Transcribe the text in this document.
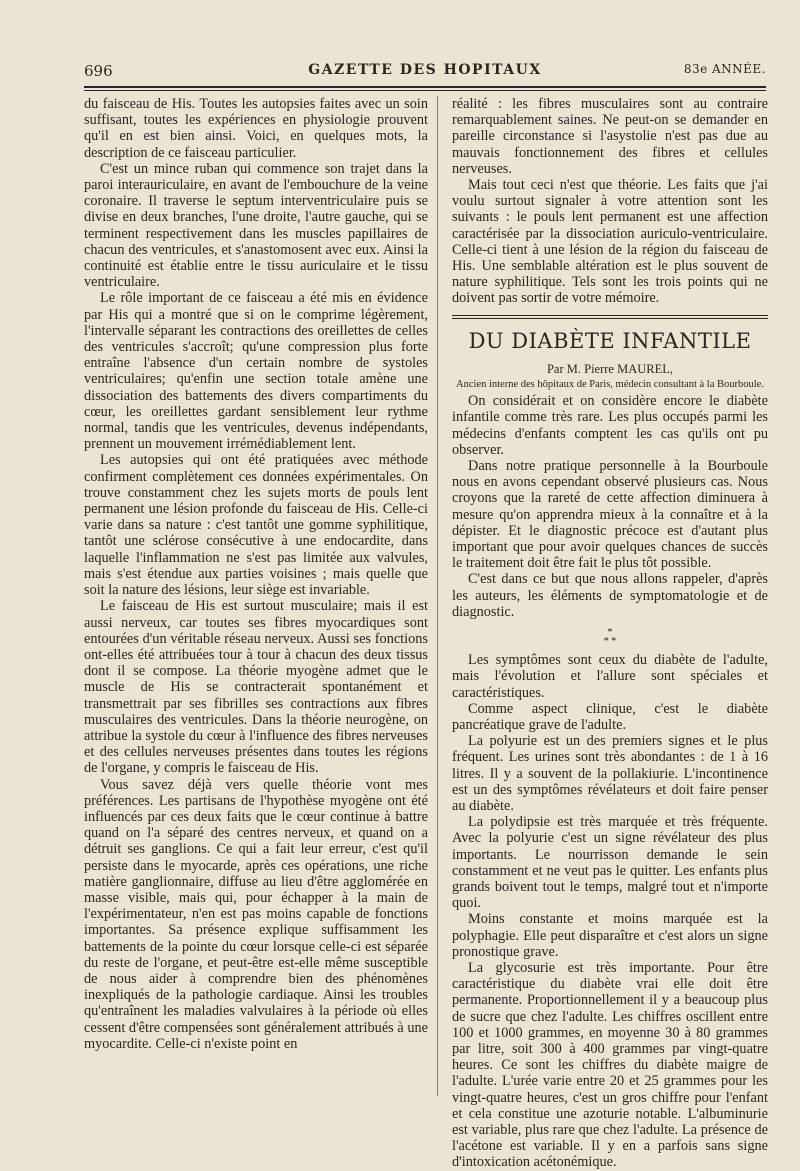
696	GAZETTE DES HOPITAUX	83e ANNÉE.

du faisceau de His. Toutes les autopsies faites avec un soin suffisant, toutes les expériences en physiologie prouvent qu'il en est bien ainsi. Voici, en quelques mots, la description de ce faisceau particulier.

C'est un mince ruban qui commence son trajet dans la paroi interauriculaire, en avant de l'embouchure de la veine coronaire. Il traverse le septum interventriculaire puis se divise en deux branches, l'une droite, l'autre gauche, qui se terminent respectivement dans les muscles papillaires de chacun des ventricules, et s'anastomosent avec eux. Ainsi la continuité est établie entre le tissu auriculaire et le tissu ventriculaire.

Le rôle important de ce faisceau a été mis en évidence par His qui a montré que si on le comprime légèrement, l'intervalle séparant les contractions des oreillettes de celles des ventricules s'accroît; qu'une compression plus forte entraîne l'absence d'un certain nombre de systoles ventriculaires; qu'enfin une section totale amène une dissociation des battements des divers compartiments du cœur, les oreillettes gardant sensiblement leur rythme normal, tandis que les ventricules, devenus indépendants, prennent un mouvement irrémédiablement lent.

Les autopsies qui ont été pratiquées avec méthode confirment complètement ces données expérimentales. On trouve constamment chez les sujets morts de pouls lent permanent une lésion profonde du faisceau de His. Celle-ci varie dans sa nature : c'est tantôt une gomme syphilitique, tantôt une sclérose consécutive à une endocardite, dans laquelle l'inflammation ne s'est pas limitée aux valvules, mais s'est étendue aux parties voisines ; mais quelle que soit la nature des lésions, leur siège est invariable.

Le faisceau de His est surtout musculaire; mais il est aussi nerveux, car toutes ses fibres myocardiques sont entourées d'un véritable réseau nerveux. Aussi ses fonctions ont-elles été attribuées tour à tour à chacun des deux tissus dont il se compose. La théorie myogène admet que le muscle de His se contracterait spontanément et transmettrait par ses fibrilles ses contractions aux fibres musculaires des ventricules. Dans la théorie neurogène, on attribue la systole du cœur à l'influence des fibres nerveuses et des cellules nerveuses présentes dans toutes les régions de l'organe, y compris le faisceau de His.

Vous savez déjà vers quelle théorie vont mes préférences. Les partisans de l'hypothèse myogène ont été influencés par ces deux faits que le cœur continue à battre quand on l'a séparé des centres nerveux, et quand on a détruit ses ganglions. Ce qui a fait leur erreur, c'est qu'il persiste dans le myocarde, après ces opérations, une riche matière ganglionnaire, diffuse au lieu d'être agglomérée en masse visible, mais qui, pour échapper à la main de l'expérimentateur, n'en est pas moins capable de fonctions importantes. Sa présence explique suffisamment les battements de la pointe du cœur lorsque celle-ci est séparée du reste de l'organe, et peut-être est-elle même susceptible de nous aider à comprendre bien des phénomènes inexpliqués de la pathologie cardiaque. Ainsi les troubles qu'entraînent les maladies valvulaires à la période où elles cessent d'être compensées sont généralement attribués à une myocardite. Celle-ci n'existe point en

réalité : les fibres musculaires sont au contraire remarquablement saines. Ne peut-on se demander en pareille circonstance si l'asystolie n'est pas due au mauvais fonctionnement des fibres et cellules nerveuses.

Mais tout ceci n'est que théorie. Les faits que j'ai voulu surtout signaler à votre attention sont les suivants : le pouls lent permanent est une affection caractérisée par la dissociation auriculo-ventriculaire. Celle-ci tient à une lésion de la région du faisceau de His. Une semblable altération est le plus souvent de nature syphilitique. Tels sont les trois points qui ne doivent pas sortir de votre mémoire.

DU DIABÈTE INFANTILE

Par M. Pierre MAUREL,

Ancien interne des hôpitaux de Paris, médecin consultant à la Bourboule.

On considérait et on considère encore le diabète infantile comme très rare. Les plus occupés parmi les médecins d'enfants comptent les cas qu'ils ont pu observer.

Dans notre pratique personnelle à la Bourboule nous en avons cependant observé plusieurs cas. Nous croyons que la rareté de cette affection diminuera à mesure qu'on apprendra mieux à la connaître et à la dépister. Et le diagnostic précoce est d'autant plus important que pour avoir quelques chances de succès le traitement doit être fait le plus tôt possible.

C'est dans ce but que nous allons rappeler, d'après les auteurs, les éléments de symptomatologie et de diagnostic.

*
* *

Les symptômes sont ceux du diabète de l'adulte, mais l'évolution et l'allure sont spéciales et caractéristiques.

Comme aspect clinique, c'est le diabète pancréatique grave de l'adulte.

La polyurie est un des premiers signes et le plus fréquent. Les urines sont très abondantes : de 1 à 16 litres. Il y a souvent de la pollakiurie. L'incontinence est un des symptômes révélateurs et doit faire penser au diabète.

La polydipsie est très marquée et très fréquente. Avec la polyurie c'est un signe révélateur des plus importants. Le nourrisson demande le sein constamment et ne veut pas le quitter. Les enfants plus grands boivent tout le temps, malgré tout et n'importe quoi.

Moins constante et moins marquée est la polyphagie. Elle peut disparaître et c'est alors un signe pronostique grave.

La glycosurie est très importante. Pour être caractéristique du diabète vrai elle doit être permanente. Proportionnellement il y a beaucoup plus de sucre que chez l'adulte. Les chiffres oscillent entre 100 et 1000 grammes, en moyenne 30 à 80 grammes par litre, soit 300 à 400 grammes par vingt-quatre heures. Ce sont les chiffres du diabète maigre de l'adulte. L'urée varie entre 20 et 25 grammes pour les vingt-quatre heures, c'est un gros chiffre pour l'enfant et cela constitue une azoturie notable. L'albuminurie est variable, plus rare que chez l'adulte. La présence de l'acétone est variable. Il y en a parfois sans signe d'intoxication acétonémique.
